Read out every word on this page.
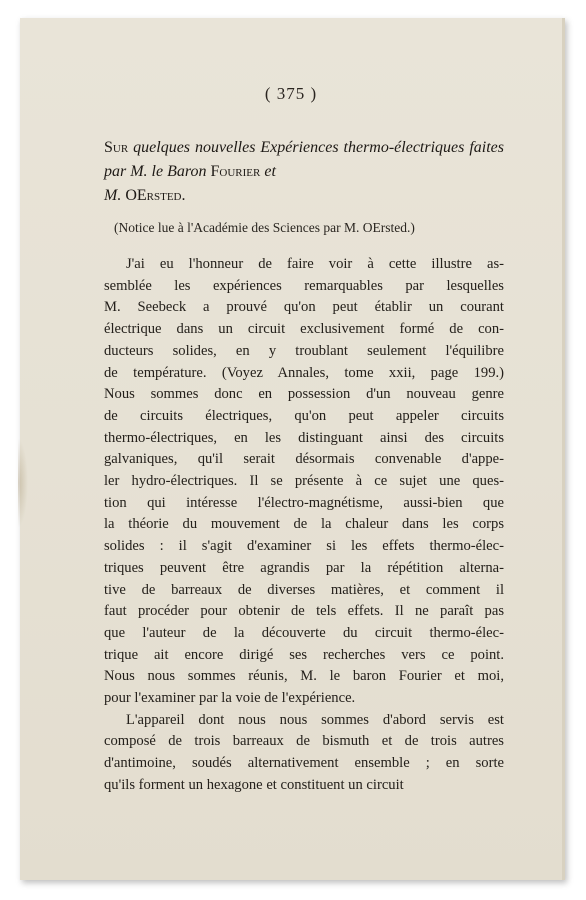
( 375 )
Sur quelques nouvelles Expériences thermo-électriques faites par M. le Baron Fourier et
M. OErsted.
(Notice lue à l'Académie des Sciences par M. OErsted.)
J'ai eu l'honneur de faire voir à cette illustre as-
semblée les expériences remarquables par lesquelles
M. Seebeck a prouvé qu'on peut établir un courant
électrique dans un circuit exclusivement formé de con-
ducteurs solides, en y troublant seulement l'équilibre
de température. (Voyez Annales, tome xxii, page 199.)
Nous sommes donc en possession d'un nouveau genre
de circuits électriques, qu'on peut appeler circuits
thermo-électriques, en les distinguant ainsi des circuits
galvaniques, qu'il serait désormais convenable d'appe-
ler hydro-électriques. Il se présente à ce sujet une ques-
tion qui intéresse l'électro-magnétisme, aussi-bien que
la théorie du mouvement de la chaleur dans les corps
solides : il s'agit d'examiner si les effets thermo-élec-
triques peuvent être agrandis par la répétition alterna-
tive de barreaux de diverses matières, et comment il
faut procéder pour obtenir de tels effets. Il ne paraît pas
que l'auteur de la découverte du circuit thermo-élec-
trique ait encore dirigé ses recherches vers ce point.
Nous nous sommes réunis, M. le baron Fourier et moi,
pour l'examiner par la voie de l'expérience.
L'appareil dont nous nous sommes d'abord servis est
composé de trois barreaux de bismuth et de trois autres
d'antimoine, soudés alternativement ensemble ; en sorte
qu'ils forment un hexagone et constituent un circuit
